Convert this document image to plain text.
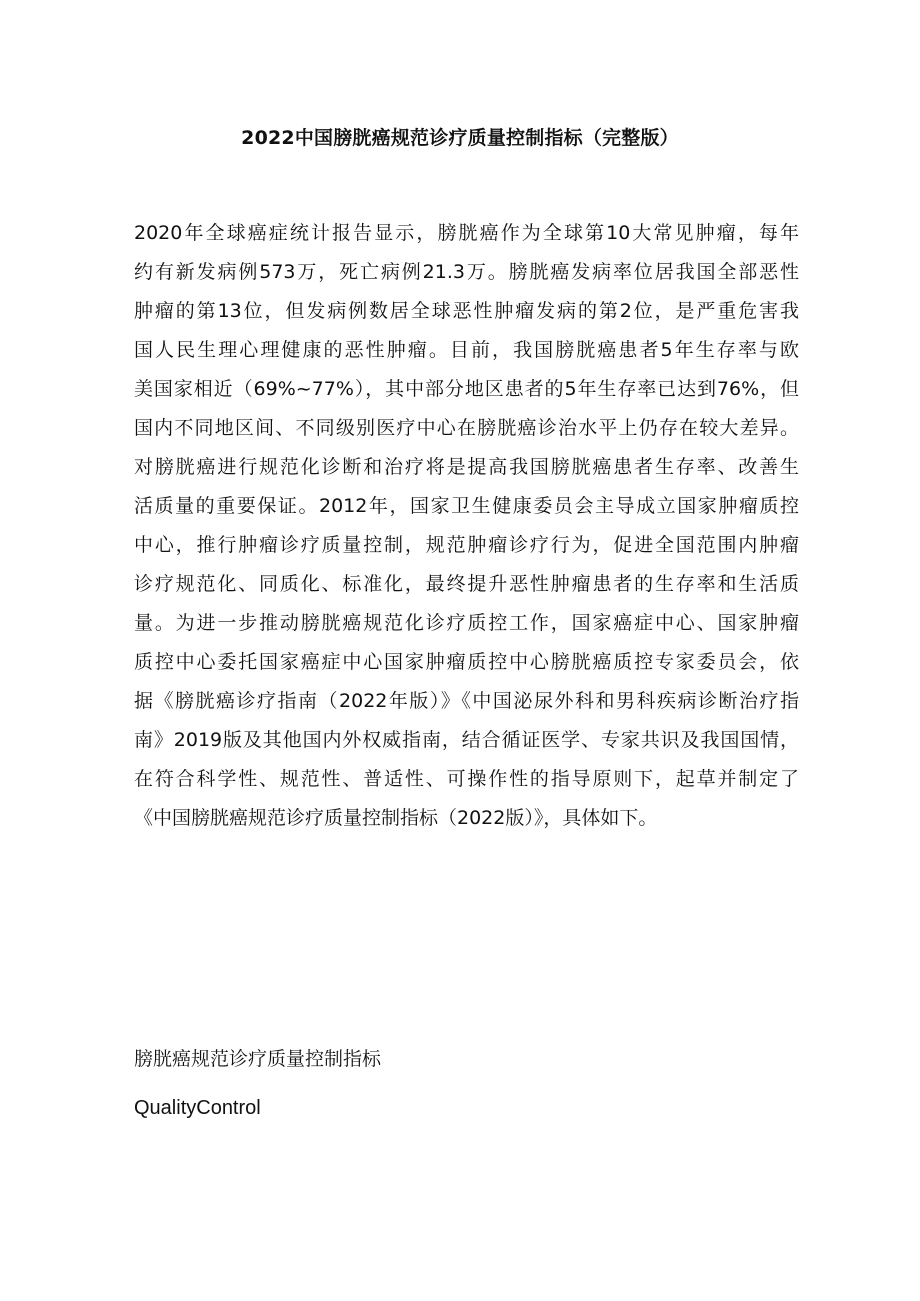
2022中国膀胱癌规范诊疗质量控制指标（完整版）
2020年全球癌症统计报告显示，膀胱癌作为全球第10大常见肿瘤，每年
约有新发病例573万，死亡病例21.3万。膀胱癌发病率位居我国全部恶性
肿瘤的第13位，但发病例数居全球恶性肿瘤发病的第2位，是严重危害我
国人民生理心理健康的恶性肿瘤。目前，我国膀胱癌患者5年生存率与欧
美国家相近（69%~77%），其中部分地区患者的5年生存率已达到76%，但
国内不同地区间、不同级别医疗中心在膀胱癌诊治水平上仍存在较大差异。
对膀胱癌进行规范化诊断和治疗将是提高我国膀胱癌患者生存率、改善生
活质量的重要保证。2012年，国家卫生健康委员会主导成立国家肿瘤质控
中心，推行肿瘤诊疗质量控制，规范肿瘤诊疗行为，促进全国范围内肿瘤
诊疗规范化、同质化、标准化，最终提升恶性肿瘤患者的生存率和生活质
量。为进一步推动膀胱癌规范化诊疗质控工作，国家癌症中心、国家肿瘤
质控中心委托国家癌症中心国家肿瘤质控中心膀胱癌质控专家委员会，依
据《膀胱癌诊疗指南（2022年版）》《中国泌尿外科和男科疾病诊断治疗指
南》2019版及其他国内外权威指南，结合循证医学、专家共识及我国国情，
在符合科学性、规范性、普适性、可操作性的指导原则下，起草并制定了
《中国膀胱癌规范诊疗质量控制指标（2022版）》，具体如下。
膀胱癌规范诊疗质量控制指标
QualityControl
